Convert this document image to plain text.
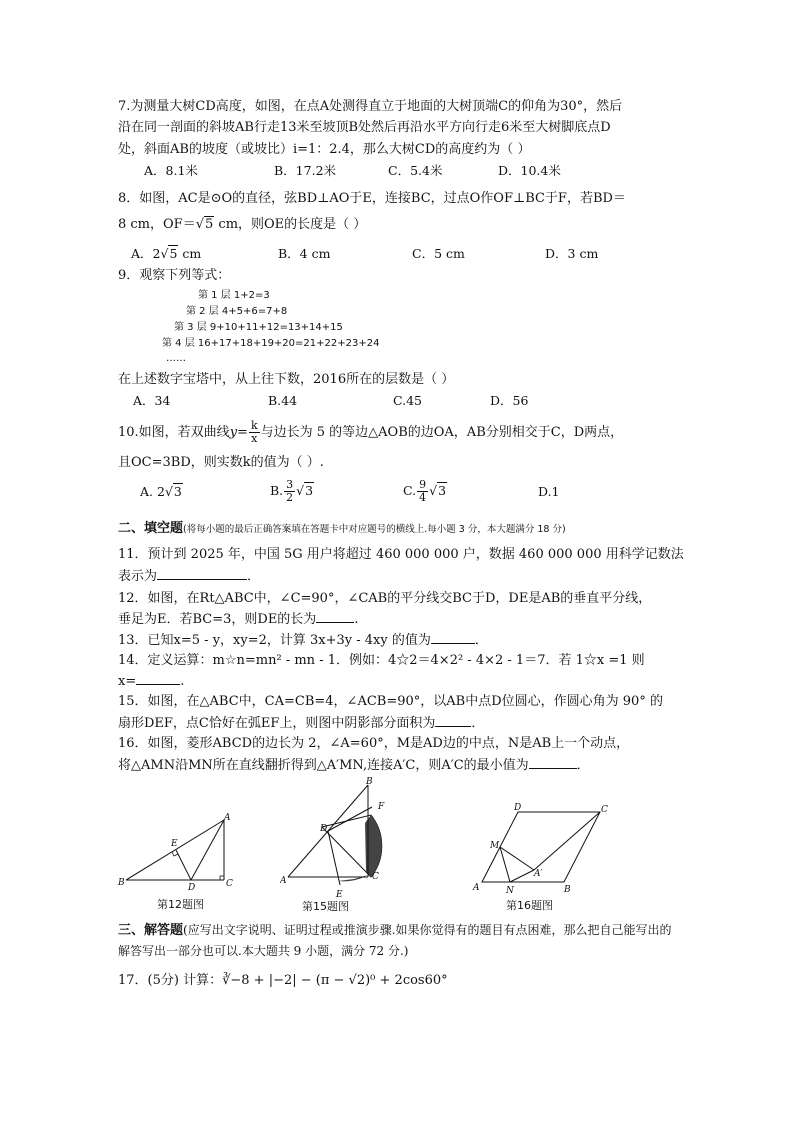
7.为测量大树CD高度，如图，在点A处测得直立于地面的大树顶端C的仰角为30°，然后
沿在同一剖面的斜坡AB行走13米至坡顶B处然后再沿水平方向行走6米至大树脚底点D
处，斜面AB的坡度（或坡比）i=1：2.4，那么大树CD的高度约为（ ）
A．8.1米	B．17.2米	C．5.4米	D．10.4米
8．如图，AC是⊙O的直径，弦BD⊥AO于E，连接BC，过点O作OF⊥BC于F，若BD＝
8 cm，OF＝√5 cm，则OE的长度是（ ）
A．2√5 cm	B．4 cm	C．5 cm	D．3 cm
9．观察下列等式：
第 1 层 1+2=3
第 2 层 4+5+6=7+8
第 3 层 9+10+11+12=13+14+15
第 4 层 16+17+18+19+20=21+22+23+24
……
在上述数字宝塔中，从上往下数，2016所在的层数是（ ）
A．34	B.44	C.45	D．56
10.如图，若双曲线$y= \frac{k}{x}$ 与边长为 5 的等边△AOB的边OA，AB分别相交于C，D两点，
且OC=3BD，则实数k的值为（ ）.
A. 2√3	B. $\frac{3}{2} √3$	C. $\frac{9}{4} √3$	D.1
二、填空题(将每小题的最后正确答案填在答题卡中对应题号的横线上.每小题 3 分，本大题满分 18 分)
11．预计到 2025 年，中国 5G 用户将超过 460 000 000 户，数据 460 000 000 用科学记数法
表示为	．
12．如图，在Rt△ABC中，∠C=90°，∠CAB的平分线交BC于D，DE是AB的垂直平分线，
垂足为E．若BC=3，则DE的长为	.
13．已知x=5 - y，xy=2，计算 3x+3y - 4xy 的值为	．
14．定义运算：m☆n=mn² - mn - 1．例如：4☆2＝4×2² - 4×2 - 1＝7．若 1☆x =1 则
x=	.
15．如图，在△ABC中，CA=CB=4，∠ACB=90°，以AB中点D位圆心，作圆心角为 90° 的
扇形DEF，点C恰好在弧EF上，则图中阴影部分面积为	．
16．如图，菱形ABCD的边长为 2，∠A=60°，M是AD边的中点，N是AB上一个动点，
将△AMN沿MN所在直线翻折得到△A′MN,连接A′C，则A′C的最小值为	．
B
A
C
D
E
第12题图
B
D
F
A	C
E
第15题图
A	B
C
D
M
N
A′
第16题图
三、解答题(应写出文字说明、证明过程或推演步骤.如果你觉得有的题目有点困难，那么把自己能写出的
解答写出一部分也可以.本大题共 9 小题，满分 72 分.)
17．(5分) 计算：∛−8 + |−2| − (π − √2)⁰ + 2cos60°
